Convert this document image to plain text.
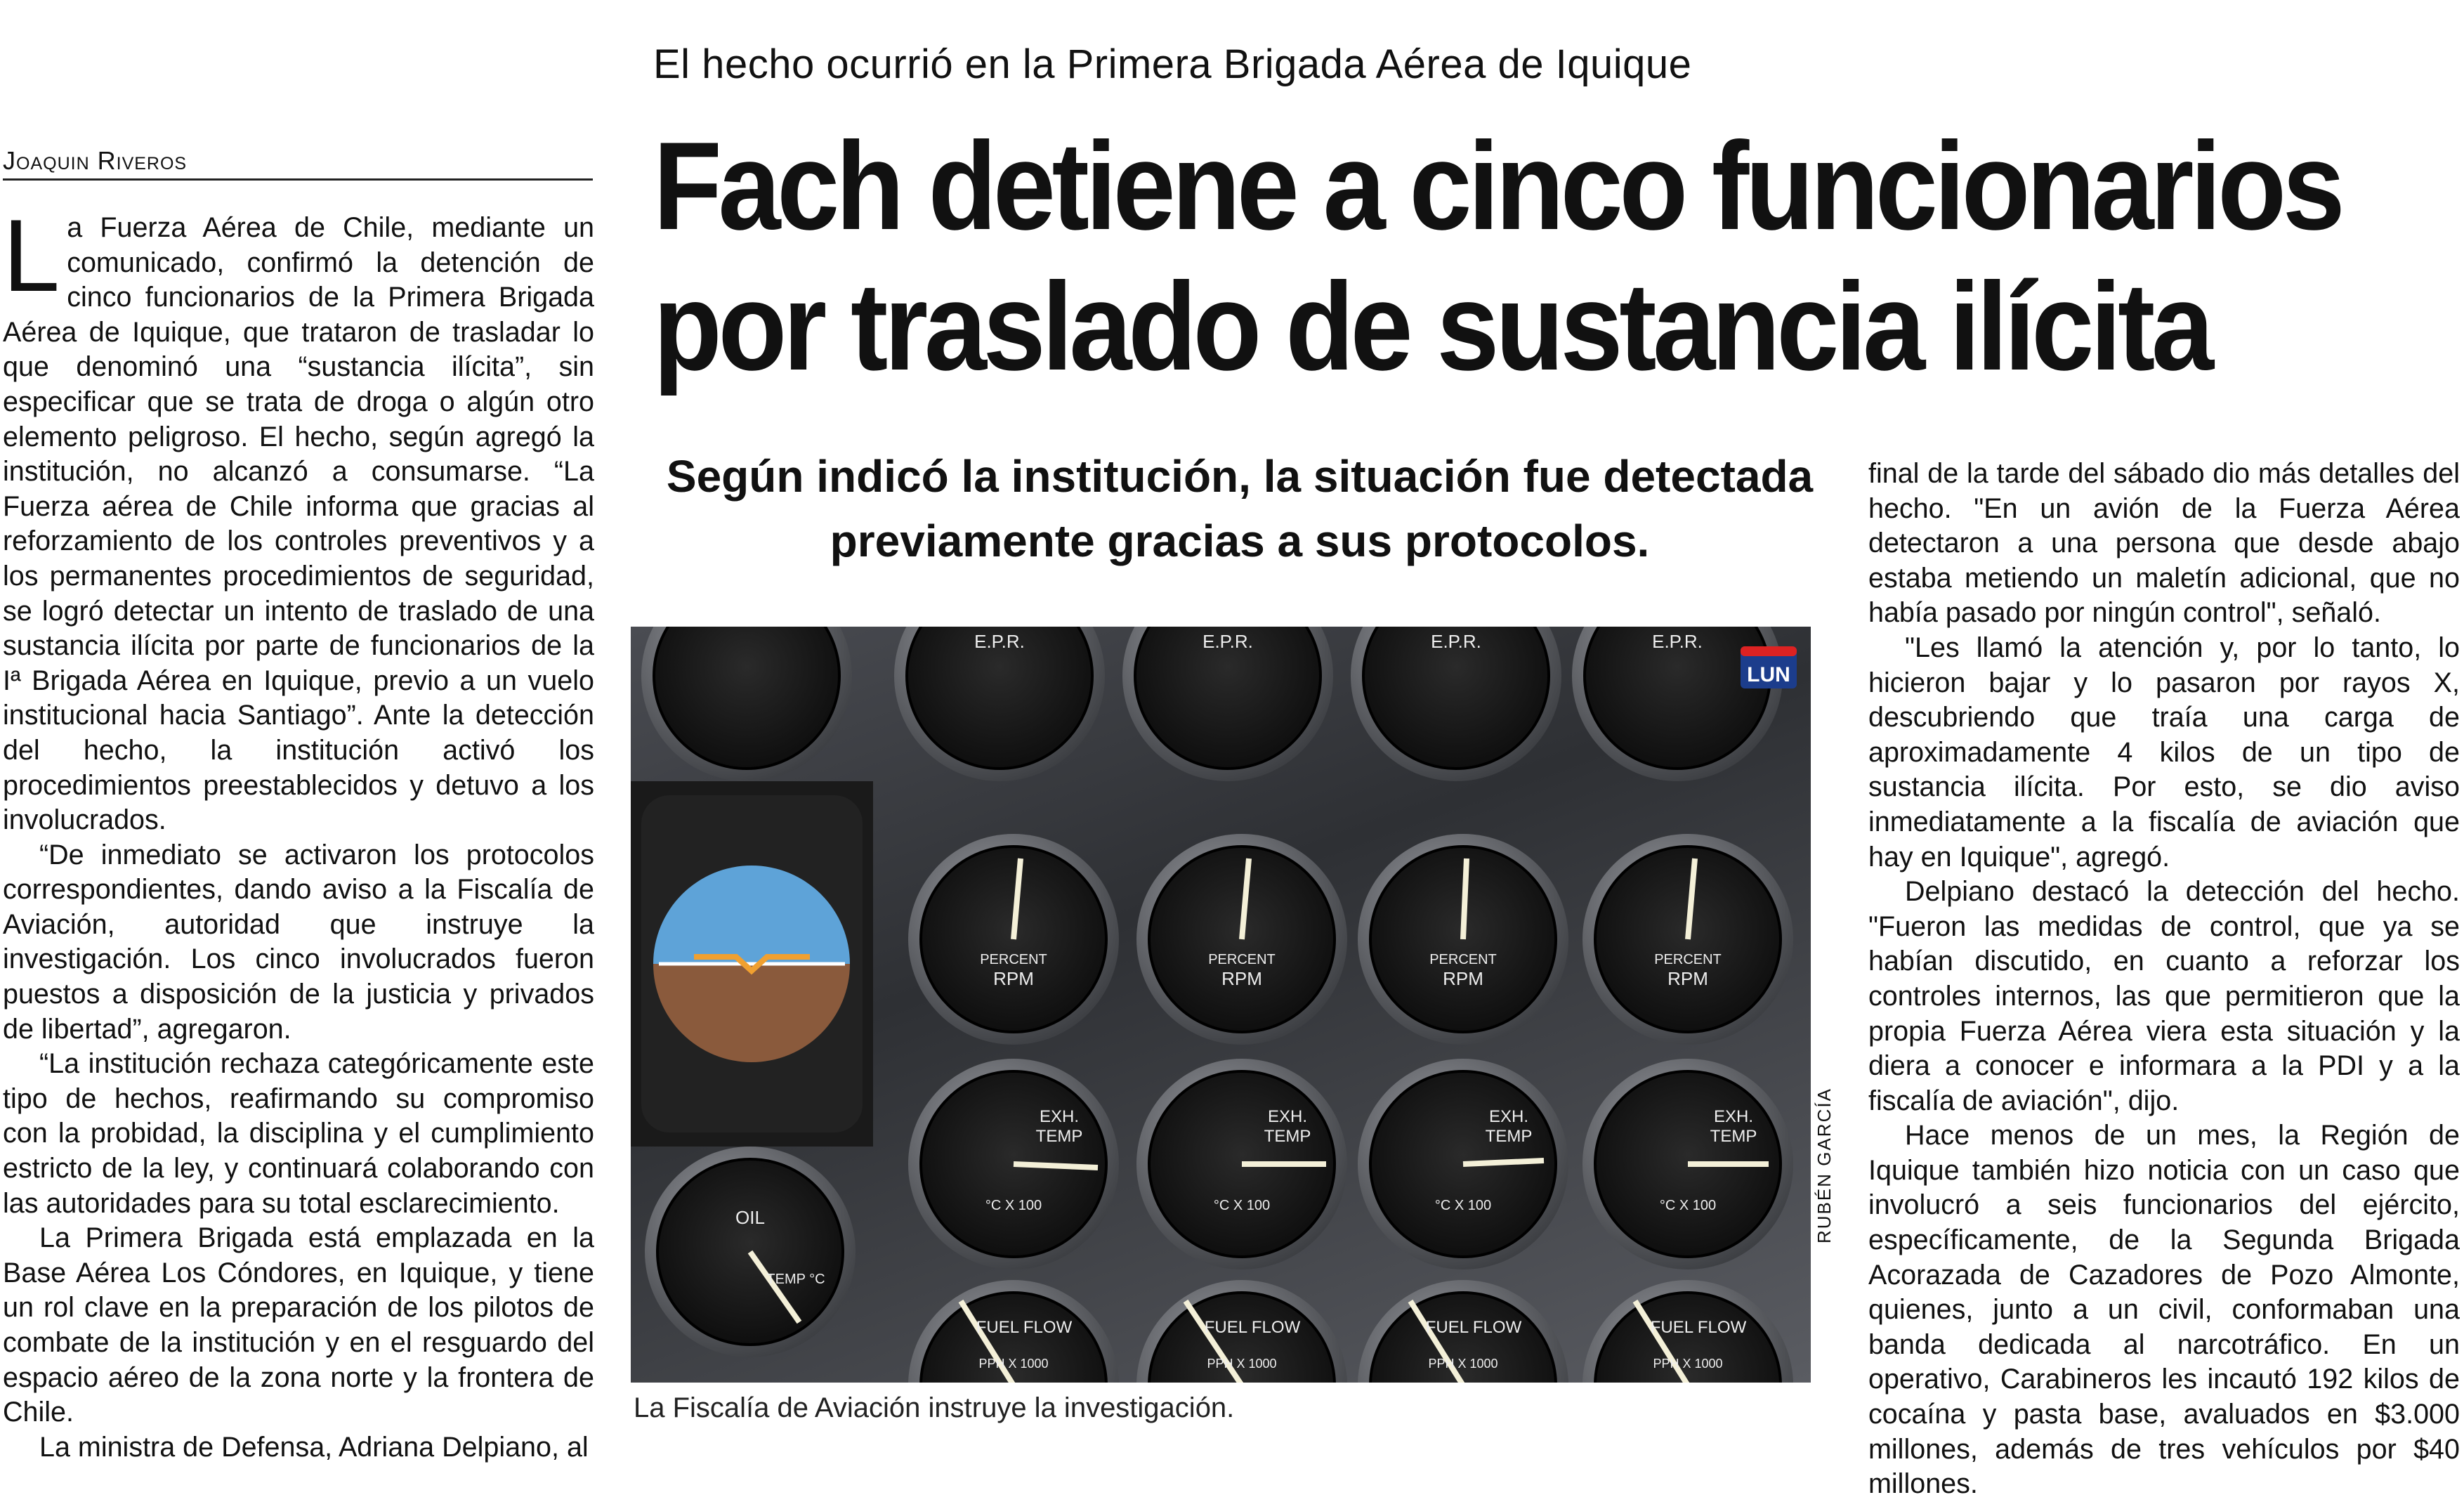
El hecho ocurrió en la Primera Brigada Aérea de Iquique
Fach detiene a cinco funcionarios
por traslado de sustancia ilícita
Joaquin Riveros

La Fuerza Aérea de Chile, mediante un comunicado, confirmó la detención de cinco funcionarios de la Primera Brigada Aérea de Iquique, que trataron de trasladar lo que denominó una “sustancia ilícita”, sin especificar que se trata de droga o algún otro elemento peligroso. El hecho, según agregó la institución, no alcanzó a consumarse. “La Fuerza aérea de Chile informa que gracias al reforzamiento de los controles preventivos y a los permanentes procedimientos de seguridad, se logró detectar un intento de traslado de una sustancia ilícita por parte de funcionarios de la Iª Brigada Aérea en Iquique, previo a un vuelo institucional hacia Santiago”. Ante la detección del hecho, la institución activó los procedimientos preestablecidos y detuvo a los involucrados.

“De inmediato se activaron los protocolos correspondientes, dando aviso a la Fiscalía de Aviación, autoridad que instruye la investigación. Los cinco involucrados fueron puestos a disposición de la justicia y privados de libertad”, agregaron.

“La institución rechaza categóricamente este tipo de hechos, reafirmando su compromiso con la probidad, la disciplina y el cumplimiento estricto de la ley, y continuará colaborando con las autoridades para su total esclarecimiento.

La Primera Brigada está emplazada en la Base Aérea Los Cóndores, en Iquique, y tiene un rol clave en la preparación de los pilotos de combate de la institución y en el resguardo del espacio aéreo de la zona norte y la frontera de Chile.

La ministra de Defensa, Adriana Delpiano, al

Según indicó la institución, la situación fue detectada previamente gracias a sus protocolos.
E.P.R.	E.P.R.	E.P.R.	E.P.R.
LUN
RPM	RPM	RPM	RPM
PERCENT	PERCENT	PERCENT	PERCENT
EXH.
TEMP
EXH.
TEMP
EXH.
TEMP
EXH.
TEMP
°C X 100	°C X 100	°C X 100	°C X 100
OIL
TEMP °C
FUEL FLOW	FUEL FLOW	FUEL FLOW	FUEL FLOW
PPH X 1000	PPH X 1000	PPH X 1000	PPH X 1000
RUBÉN GARCÍA
La Fiscalía de Aviación instruye la investigación.

final de la tarde del sábado dio más detalles del hecho. "En un avión de la Fuerza Aérea detectaron a una persona que desde abajo estaba metiendo un maletín adicional, que no había pasado por ningún control", señaló.

"Les llamó la atención y, por lo tanto, lo hicieron bajar y lo pasaron por rayos X, descubriendo que traía una carga de aproximadamente 4 kilos de un tipo de sustancia ilícita. Por esto, se dio aviso inmediatamente a la fiscalía de aviación que hay en Iquique", agregó.

Delpiano destacó la detección del hecho. "Fueron las medidas de control, que ya se habían discutido, en cuanto a reforzar los controles internos, las que permitieron que la propia Fuerza Aérea viera esta situación y la diera a conocer e informara a la PDI y a la fiscalía de aviación", dijo.

Hace menos de un mes, la Región de Iquique también hizo noticia con un caso que involucró a seis funcionarios del ejército, específicamente, de la Segunda Brigada Acorazada de Cazadores de Pozo Almonte, quienes, junto a un civil, conformaban una banda dedicada al narcotráfico. En un operativo, Carabineros les incautó 192 kilos de cocaína y pasta base, avaluados en $3.000 millones, además de tres vehículos por $40 millones.
